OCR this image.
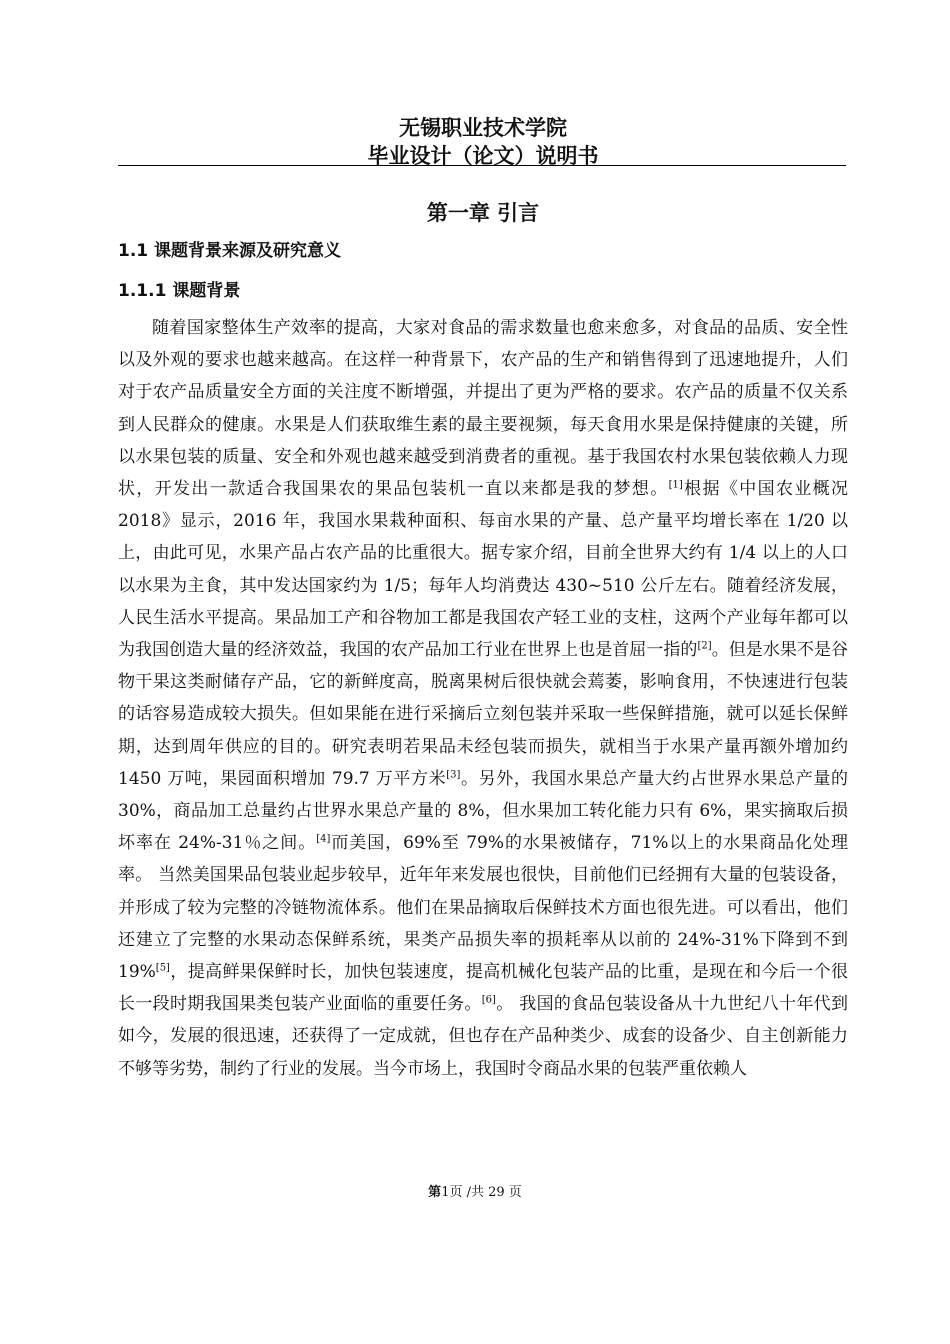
无锡职业技术学院
毕业设计（论文）说明书
第一章 引言
1.1 课题背景来源及研究意义
1.1.1 课题背景

随着国家整体生产效率的提高，大家对食品的需求数量也愈来愈多，对食品的品质、安全性以及外观的要求也越来越高。在这样一种背景下，农产品的生产和销售得到了迅速地提升，人们对于农产品质量安全方面的关注度不断增强，并提出了更为严格的要求。农产品的质量不仅关系到人民群众的健康。水果是人们获取维生素的最主要视频，每天食用水果是保持健康的关键，所以水果包装的质量、安全和外观也越来越受到消费者的重视。基于我国农村水果包装依赖人力现状，开发出一款适合我国果农的果品包装机一直以来都是我的梦想。[1]根据《中国农业概况 2018》显示，2016 年，我国水果栽种面积、每亩水果的产量、总产量平均增长率在 1/20 以上，由此可见，水果产品占农产品的比重很大。据专家介绍，目前全世界大约有 1/4 以上的人口以水果为主食，其中发达国家约为 1/5；每年人均消费达 430~510 公斤左右。随着经济发展，人民生活水平提高。果品加工产和谷物加工都是我国农产轻工业的支柱，这两个产业每年都可以为我国创造大量的经济效益，我国的农产品加工行业在世界上也是首屈一指的[2]。但是水果不是谷物干果这类耐储存产品，它的新鲜度高，脱离果树后很快就会蔫萎，影响食用，不快速进行包装的话容易造成较大损失。但如果能在进行采摘后立刻包装并采取一些保鲜措施，就可以延长保鲜期，达到周年供应的目的。研究表明若果品未经包装而损失，就相当于水果产量再额外增加约 1450 万吨，果园面积增加 79.7 万平方米[3]。另外，我国水果总产量大约占世界水果总产量的 30%，商品加工总量约占世界水果总产量的 8%，但水果加工转化能力只有 6%，果实摘取后损坏率在 24%-31％之间。[4]而美国，69%至 79%的水果被储存，71%以上的水果商品化处理率。 当然美国果品包装业起步较早，近年年来发展也很快，目前他们已经拥有大量的包装设备，并形成了较为完整的冷链物流体系。他们在果品摘取后保鲜技术方面也很先进。可以看出，他们还建立了完整的水果动态保鲜系统，果类产品损失率的损耗率从以前的 24%-31%下降到不到 19%[5]，提高鲜果保鲜时长，加快包装速度，提高机械化包装产品的比重，是现在和今后一个很长一段时期我国果类包装产业面临的重要任务。[6]。 我国的食品包装设备从十九世纪八十年代到如今，发展的很迅速，还获得了一定成就，但也存在产品种类少、成套的设备少、自主创新能力不够等劣势，制约了行业的发展。当今市场上，我国时令商品水果的包装严重依赖人

第1页 /共 29 页
